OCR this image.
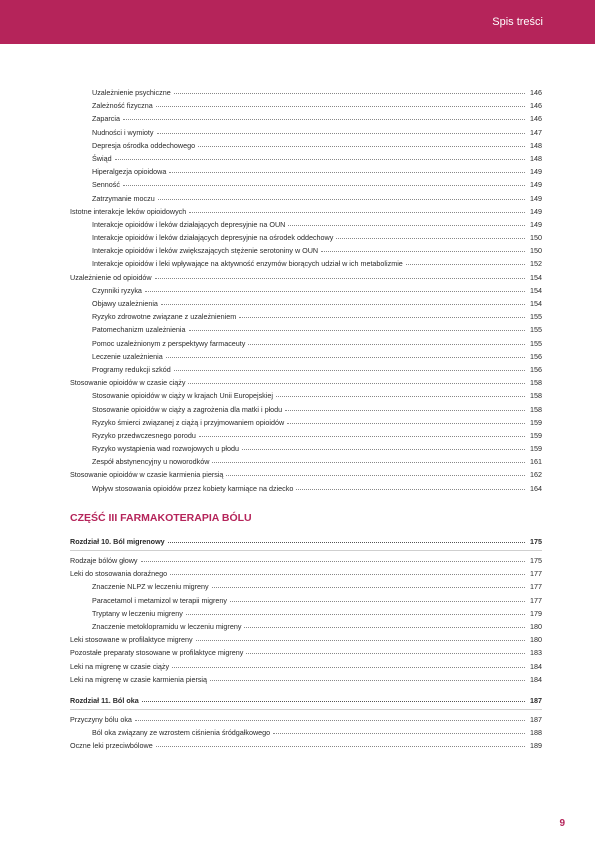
Spis treści
Uzależnienie psychiczne	146
Zależność fizyczna	146
Zaparcia	146
Nudności i wymioty	147
Depresja ośrodka oddechowego	148
Świąd	148
Hiperalgezja opioidowa	149
Senność	149
Zatrzymanie moczu	149
Istotne interakcje leków opioidowych	149
Interakcje opioidów i leków działających depresyjnie na OUN	149
Interakcje opioidów i leków działających depresyjnie na ośrodek oddechowy	150
Interakcje opioidów i leków zwiększających stężenie serotoniny w OUN	150
Interakcje opioidów i leki wpływające na aktywność enzymów biorących udział w ich metabolizmie	152
Uzależnienie od opioidów	154
Czynniki ryzyka	154
Objawy uzależnienia	154
Ryzyko zdrowotne związane z uzależnieniem	155
Patomechanizm uzależnienia	155
Pomoc uzależnionym z perspektywy farmaceuty	155
Leczenie uzależnienia	156
Programy redukcji szkód	156
Stosowanie opioidów w czasie ciąży	158
Stosowanie opioidów w ciąży w krajach Unii Europejskiej	158
Stosowanie opioidów w ciąży a zagrożenia dla matki i płodu	158
Ryzyko śmierci związanej z ciążą i przyjmowaniem opioidów	159
Ryzyko przedwczesnego porodu	159
Ryzyko wystąpienia wad rozwojowych u płodu	159
Zespół abstynencyjny u noworodków	161
Stosowanie opioidów w czasie karmienia piersią	162
Wpływ stosowania opioidów przez kobiety karmiące na dziecko	164
CZĘŚĆ III FARMAKOTERAPIA BÓLU
Rozdział 10. Ból migrenowy	175
Rodzaje bólów głowy	175
Leki do stosowania doraźnego	177
Znaczenie NLPZ w leczeniu migreny	177
Paracetamol i metamizol w terapii migreny	177
Tryptany w leczeniu migreny	179
Znaczenie metoklopramidu w leczeniu migreny	180
Leki stosowane w profilaktyce migreny	180
Pozostałe preparaty stosowane w profilaktyce migreny	183
Leki na migrenę w czasie ciąży	184
Leki na migrenę w czasie karmienia piersią	184
Rozdział 11. Ból oka	187
Przyczyny bólu oka	187
Ból oka związany ze wzrostem ciśnienia śródgałkowego	188
Oczne leki przeciwbólowe	189
9
